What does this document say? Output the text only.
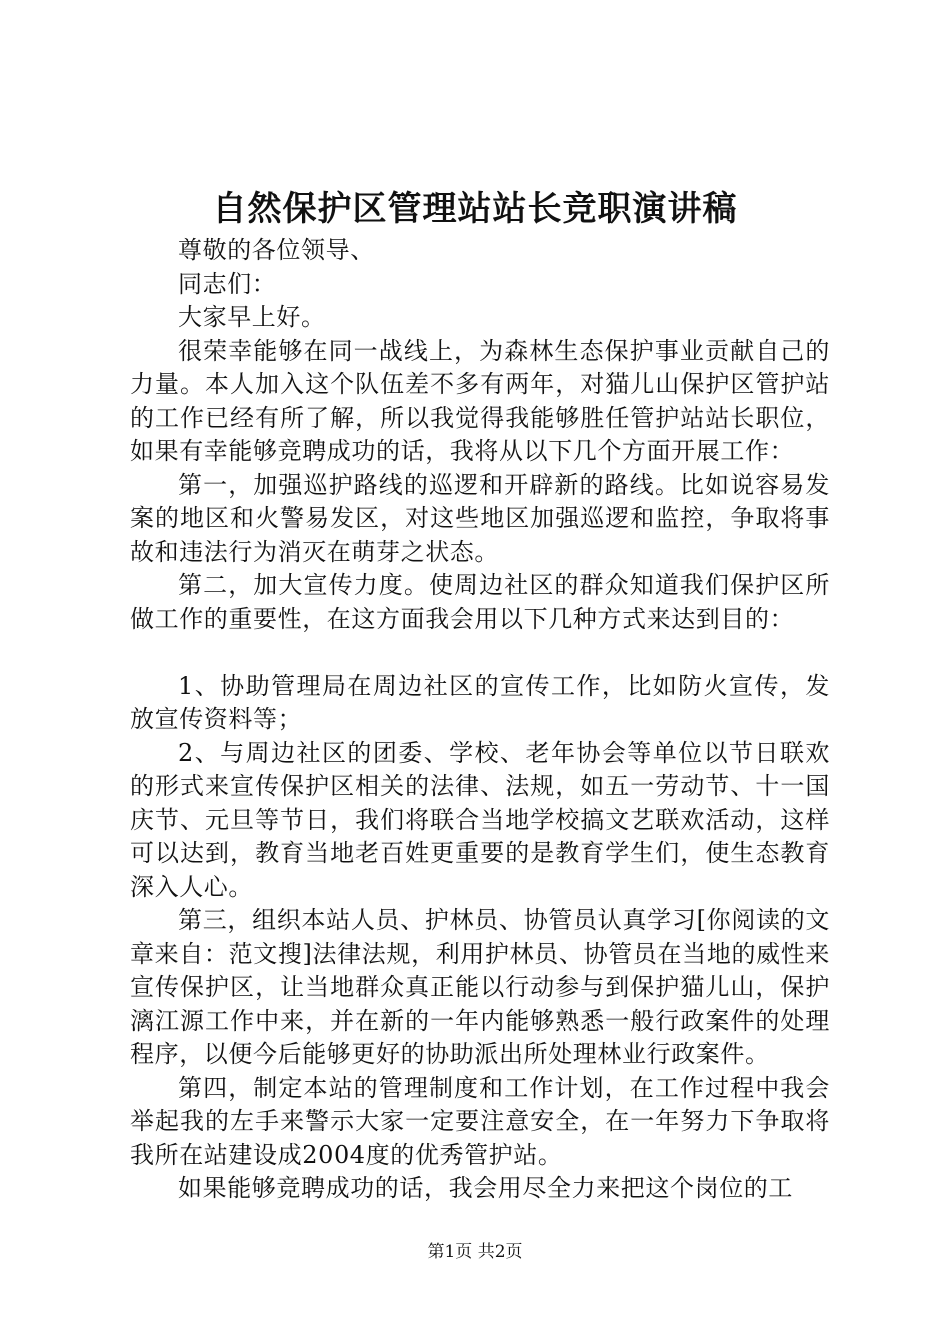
自然保护区管理站站长竞职演讲稿

尊敬的各位领导、

同志们：

大家早上好。

很荣幸能够在同一战线上，为森林生态保护事业贡献自己的力量。本人加入这个队伍差不多有两年，对猫儿山保护区管护站的工作已经有所了解，所以我觉得我能够胜任管护站站长职位，如果有幸能够竞聘成功的话，我将从以下几个方面开展工作：

第一，加强巡护路线的巡逻和开辟新的路线。比如说容易发案的地区和火警易发区，对这些地区加强巡逻和监控，争取将事故和违法行为消灭在萌芽之状态。

第二，加大宣传力度。使周边社区的群众知道我们保护区所做工作的重要性，在这方面我会用以下几种方式来达到目的：

1、协助管理局在周边社区的宣传工作，比如防火宣传，发放宣传资料等；

2、与周边社区的团委、学校、老年协会等单位以节日联欢的形式来宣传保护区相关的法律、法规，如五一劳动节、十一国庆节、元旦等节日，我们将联合当地学校搞文艺联欢活动，这样可以达到，教育当地老百姓更重要的是教育学生们，使生态教育深入人心。

第三，组织本站人员、护林员、协管员认真学习[你阅读的文章来自：范文搜]法律法规，利用护林员、协管员在当地的威性来宣传保护区，让当地群众真正能以行动参与到保护猫儿山，保护漓江源工作中来，并在新的一年内能够熟悉一般行政案件的处理程序，以便今后能够更好的协助派出所处理林业行政案件。

第四，制定本站的管理制度和工作计划，在工作过程中我会举起我的左手来警示大家一定要注意安全，在一年努力下争取将我所在站建设成2004度的优秀管护站。

如果能够竞聘成功的话，我会用尽全力来把这个岗位的工

第1页 共2页
